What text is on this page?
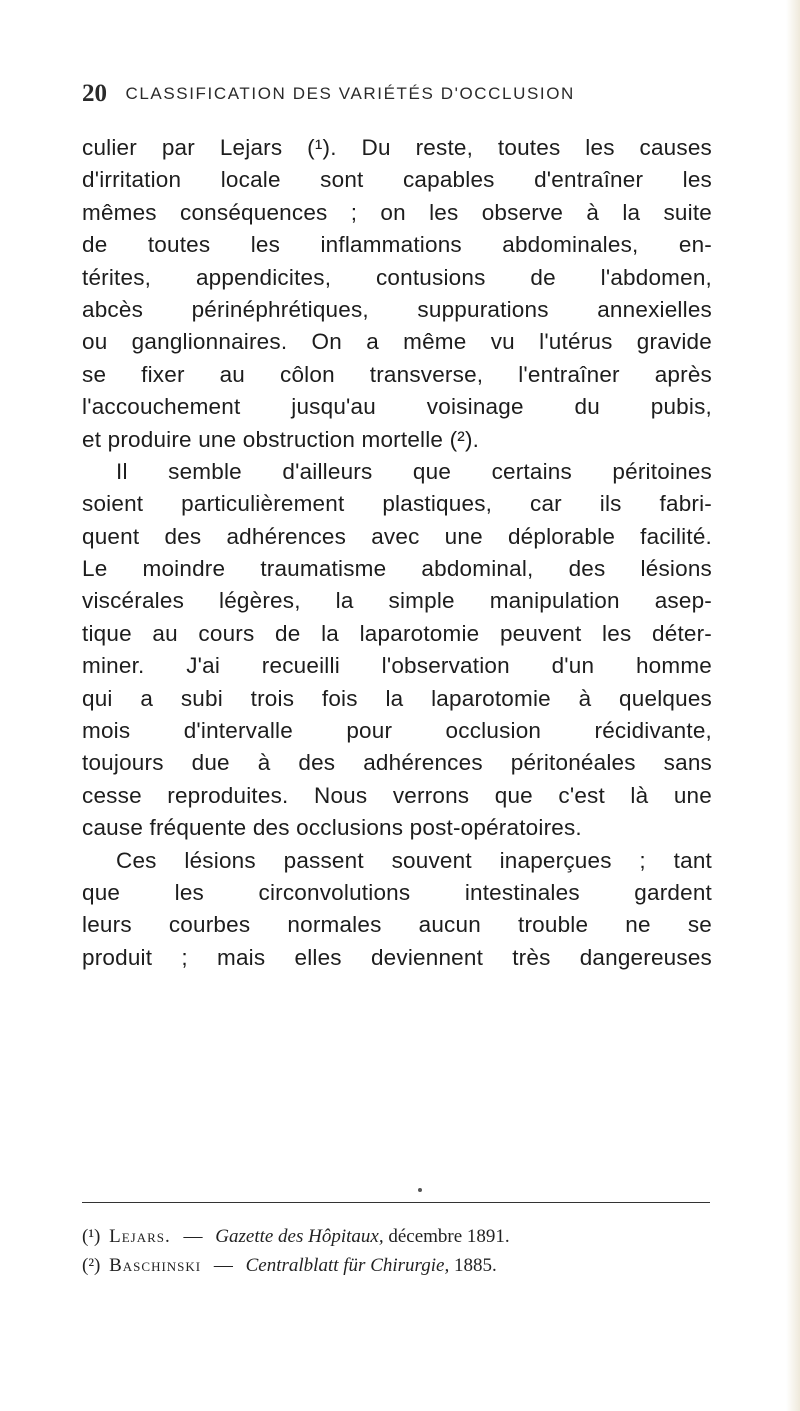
20 CLASSIFICATION DES VARIÉTÉS D'OCCLUSION
culier par Lejars (¹). Du reste, toutes les causes
d'irritation locale sont capables d'entraîner les
mêmes conséquences ; on les observe à la suite
de toutes les inflammations abdominales, en-
térites, appendicites, contusions de l'abdomen,
abcès périnéphrétiques, suppurations annexielles
ou ganglionnaires. On a même vu l'utérus gravide
se fixer au côlon transverse, l'entraîner après
l'accouchement jusqu'au voisinage du pubis,
et produire une obstruction mortelle (²).
Il semble d'ailleurs que certains péritoines
soient particulièrement plastiques, car ils fabri-
quent des adhérences avec une déplorable facilité.
Le moindre traumatisme abdominal, des lésions
viscérales légères, la simple manipulation asep-
tique au cours de la laparotomie peuvent les déter-
miner. J'ai recueilli l'observation d'un homme
qui a subi trois fois la laparotomie à quelques
mois d'intervalle pour occlusion récidivante,
toujours due à des adhérences péritonéales sans
cesse reproduites. Nous verrons que c'est là une
cause fréquente des occlusions post-opératoires.
Ces lésions passent souvent inaperçues ; tant
que les circonvolutions intestinales gardent
leurs courbes normales aucun trouble ne se
produit ; mais elles deviennent très dangereuses
(¹) Lejars. — Gazette des Hôpitaux, décembre 1891.
(²) Baschinski — Centralblatt für Chirurgie, 1885.
